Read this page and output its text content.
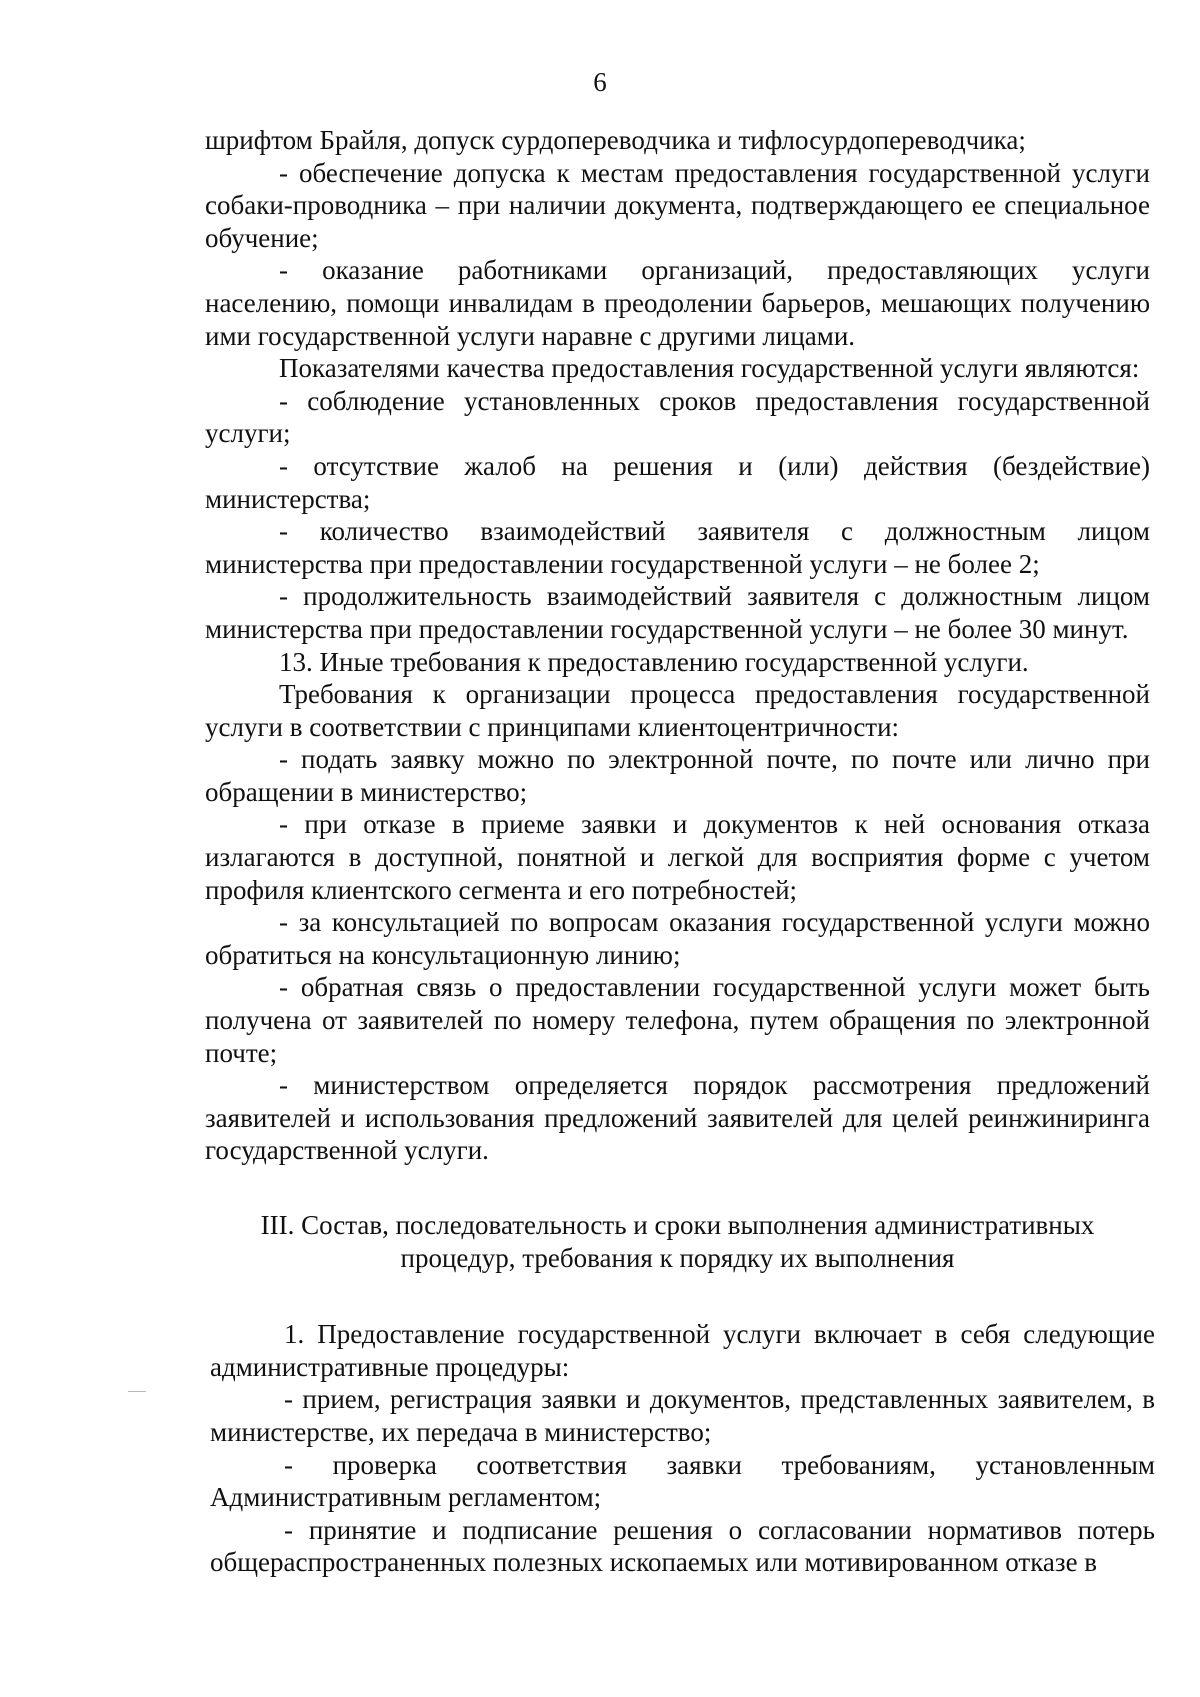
6

шрифтом Брайля, допуск сурдопереводчика и тифлосурдопереводчика;

- обеспечение допуска к местам предоставления государственной услуги собаки-проводника – при наличии документа, подтверждающего ее специальное обучение;

- оказание работниками организаций, предоставляющих услуги населению, помощи инвалидам в преодолении барьеров, мешающих получению ими государственной услуги наравне с другими лицами.

Показателями качества предоставления государственной услуги являются:

- соблюдение установленных сроков предоставления государственной услуги;

- отсутствие жалоб на решения и (или) действия (бездействие) министерства;

- количество взаимодействий заявителя с должностным лицом министерства при предоставлении государственной услуги – не более 2;

- продолжительность взаимодействий заявителя с должностным лицом министерства при предоставлении государственной услуги – не более 30 минут.

13. Иные требования к предоставлению государственной услуги.

Требования к организации процесса предоставления государственной услуги в соответствии с принципами клиентоцентричности:

- подать заявку можно по электронной почте, по почте или лично при обращении в министерство;

- при отказе в приеме заявки и документов к ней основания отказа излагаются в доступной, понятной и легкой для восприятия форме с учетом профиля клиентского сегмента и его потребностей;

- за консультацией по вопросам оказания государственной услуги можно обратиться на консультационную линию;

- обратная связь о предоставлении государственной услуги может быть получена от заявителей по номеру телефона, путем обращения по электронной почте;

- министерством определяется порядок рассмотрения предложений заявителей и использования предложений заявителей для целей реинжиниринга государственной услуги.

III. Состав, последовательность и сроки выполнения административных процедур, требования к порядку их выполнения

1. Предоставление государственной услуги включает в себя следующие административные процедуры:

- прием, регистрация заявки и документов, представленных заявителем, в министерстве, их передача в министерство;

- проверка соответствия заявки требованиям, установленным Административным регламентом;

- принятие и подписание решения о согласовании нормативов потерь общераспространенных полезных ископаемых или мотивированном отказе в
